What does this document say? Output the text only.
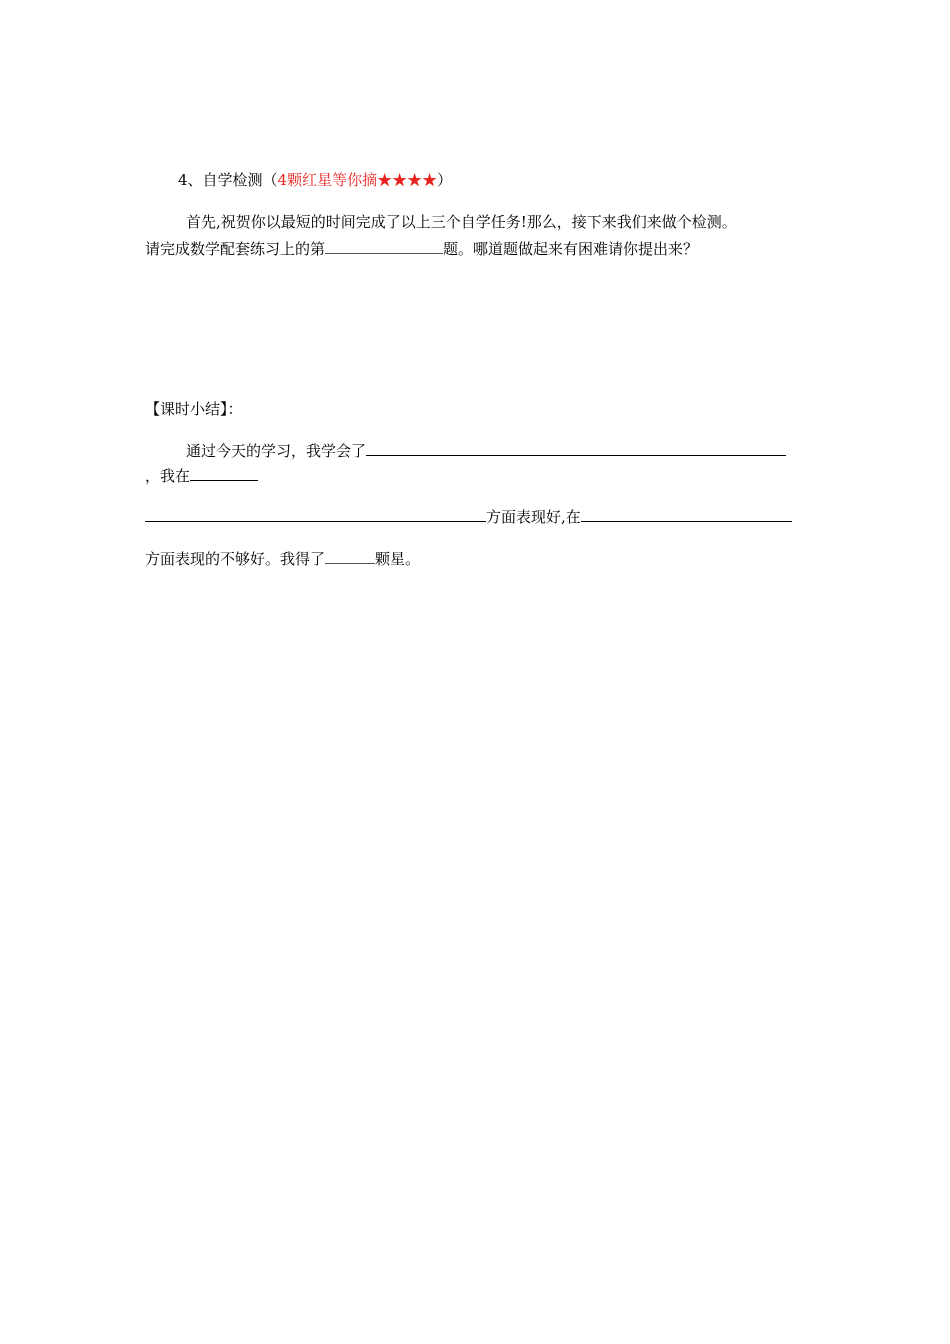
4、自学检测（4颗红星等你摘★★★★）
首先,祝贺你以最短的时间完成了以上三个自学任务!那么，接下来我们来做个检测。
请完成数学配套练习上的第	题。哪道题做起来有困难请你提出来？
【课时小结】：
通过今天的学习，我学会了
，我在
方面表现好,在
方面表现的不够好。我得了	颗星。
